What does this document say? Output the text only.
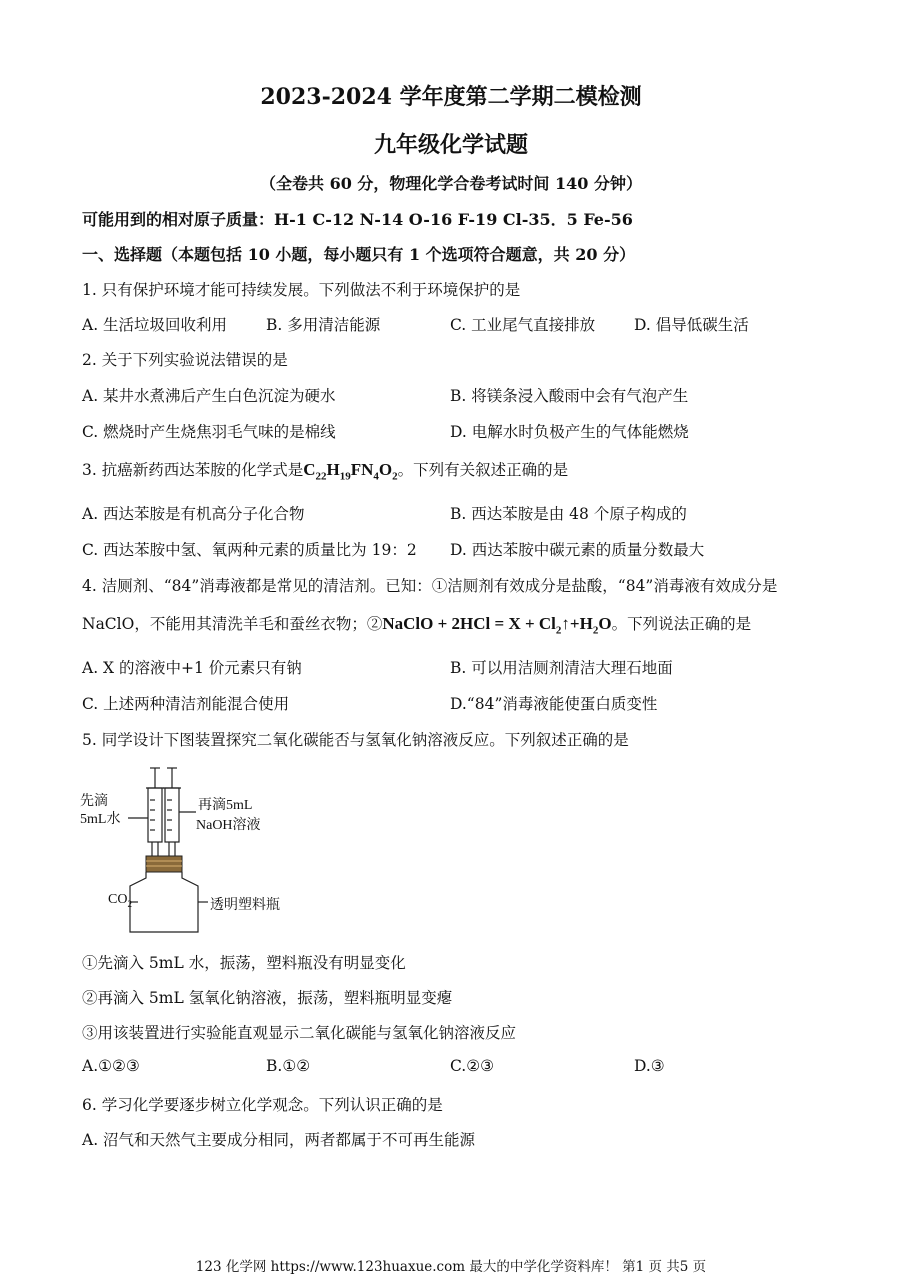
2023-2024 学年度第二学期二模检测
九年级化学试题
（全卷共 60 分，物理化学合卷考试时间 140 分钟）
可能用到的相对原子质量：H-1 C-12 N-14 O-16 F-19 Cl-35．5 Fe-56
一、选择题（本题包括 10 小题，每小题只有 1 个选项符合题意，共 20 分）
1. 只有保护环境才能可持续发展。下列做法不利于环境保护的是
A. 生活垃圾回收利用	B. 多用清洁能源	C. 工业尾气直接排放	D. 倡导低碳生活
2. 关于下列实验说法错误的是
A. 某井水煮沸后产生白色沉淀为硬水	B. 将镁条浸入酸雨中会有气泡产生
C. 燃烧时产生烧焦羽毛气味的是棉线	D. 电解水时负极产生的气体能燃烧
3. 抗癌新药西达苯胺的化学式是$C_{22}H_{19}FN_4O_2$。下列有关叙述正确的是
A. 西达苯胺是有机高分子化合物	B. 西达苯胺是由 48 个原子构成的
C. 西达苯胺中氢、氧两种元素的质量比为 19：2 D. 西达苯胺中碳元素的质量分数最大
4. 洁厕剂、“84”消毒液都是常见的清洁剂。已知：①洁厕剂有效成分是盐酸，“84”消毒液有效成分是
NaClO，不能用其清洗羊毛和蚕丝衣物；②NaClO + $2HCl = X + Cl_2↑+H_2O$。下列说法正确的是
A. X 的溶液中+1 价元素只有钠	B. 可以用洁厕剂清洁大理石地面
C. 上述两种清洁剂能混合使用	D.“84”消毒液能使蛋白质变性
5. 同学设计下图装置探究二氧化碳能否与氢氧化钠溶液反应。下列叙述正确的是
先滴
5mL水
再滴5mL
NaOH溶液
$CO_2$	透明塑料瓶
①先滴入 5mL 水，振荡，塑料瓶没有明显变化
②再滴入 5mL 氢氧化钠溶液，振荡，塑料瓶明显变瘪
③用该装置进行实验能直观显示二氧化碳能与氢氧化钠溶液反应
A.①②③	B.①②	C.②③	D.③
6. 学习化学要逐步树立化学观念。下列认识正确的是
A. 沼气和天然气主要成分相同，两者都属于不可再生能源
123 化学网 https://www.123huaxue.com 最大的中学化学资料库！ 第1 页 共5 页
